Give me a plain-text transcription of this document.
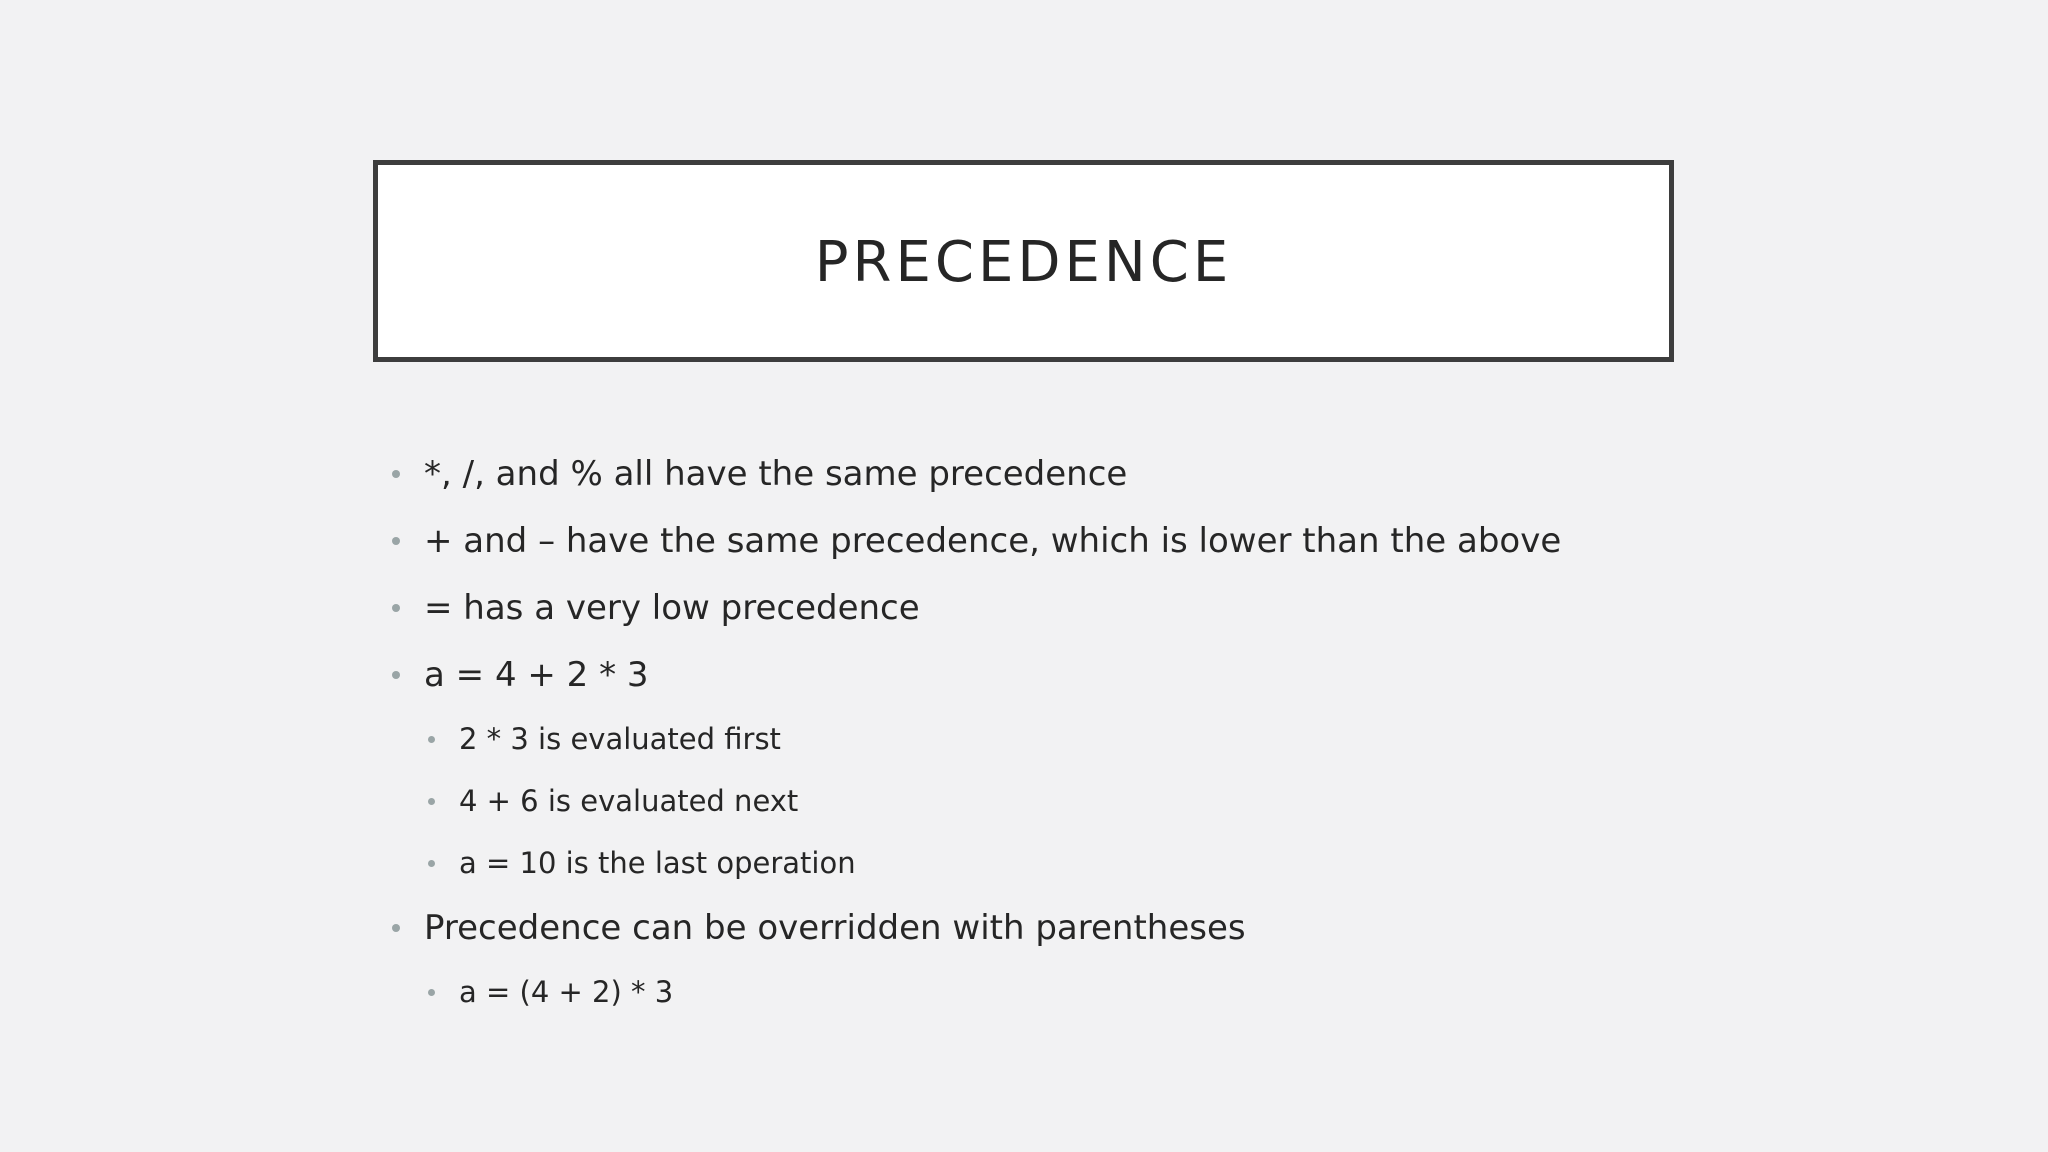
PRECEDENCE
*, /, and % all have the same precedence
+ and – have the same precedence, which is lower than the above
= has a very low precedence
a = 4 + 2 * 3
2 * 3 is evaluated first
4 + 6 is evaluated next
a = 10 is the last operation
Precedence can be overridden with parentheses
a = (4 + 2) * 3
